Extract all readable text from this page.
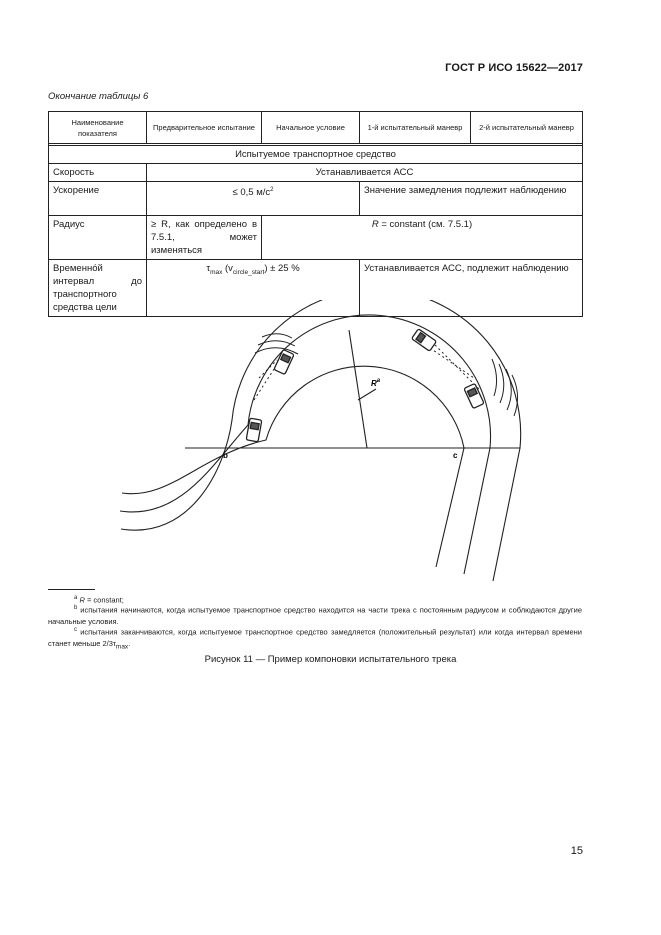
ГОСТ Р ИСО 15622—2017
Окончание таблицы 6
Наименование показателя	Предварительное испытание	Начальное условие	1-й испытательный маневр	2-й испытательный маневр

Испытуемое транспортное средство				
Скорость	Устанавливается АСС			
Ускорение	≤ 0,5 $м/с^2$		Значение замедления подлежит наблюдению	
Радиус	≥ R, как определено в 7.5.1, может изменяться	R = constant (см. 7.5.1)		
Временно́й интервал до транспортного средства цели	$\tau_{max}$ $(v_{circle\_start}) \pm 25$ %		Устанавливается АСС, подлежит наблюдению	
$R^a$
b	c
$^a$ R = constant;
$^b$ испытания начинаются, когда испытуемое транспортное средство находится на части трека с постоянным радиусом и соблюдаются другие начальные условия.
$^c$ испытания заканчиваются, когда испытуемое транспортное средство замедляется (положительный результат) или когда интервал времени станет меньше $2/3\tau_{max}$.
Рисунок 11 — Пример компоновки испытательного трека
15
